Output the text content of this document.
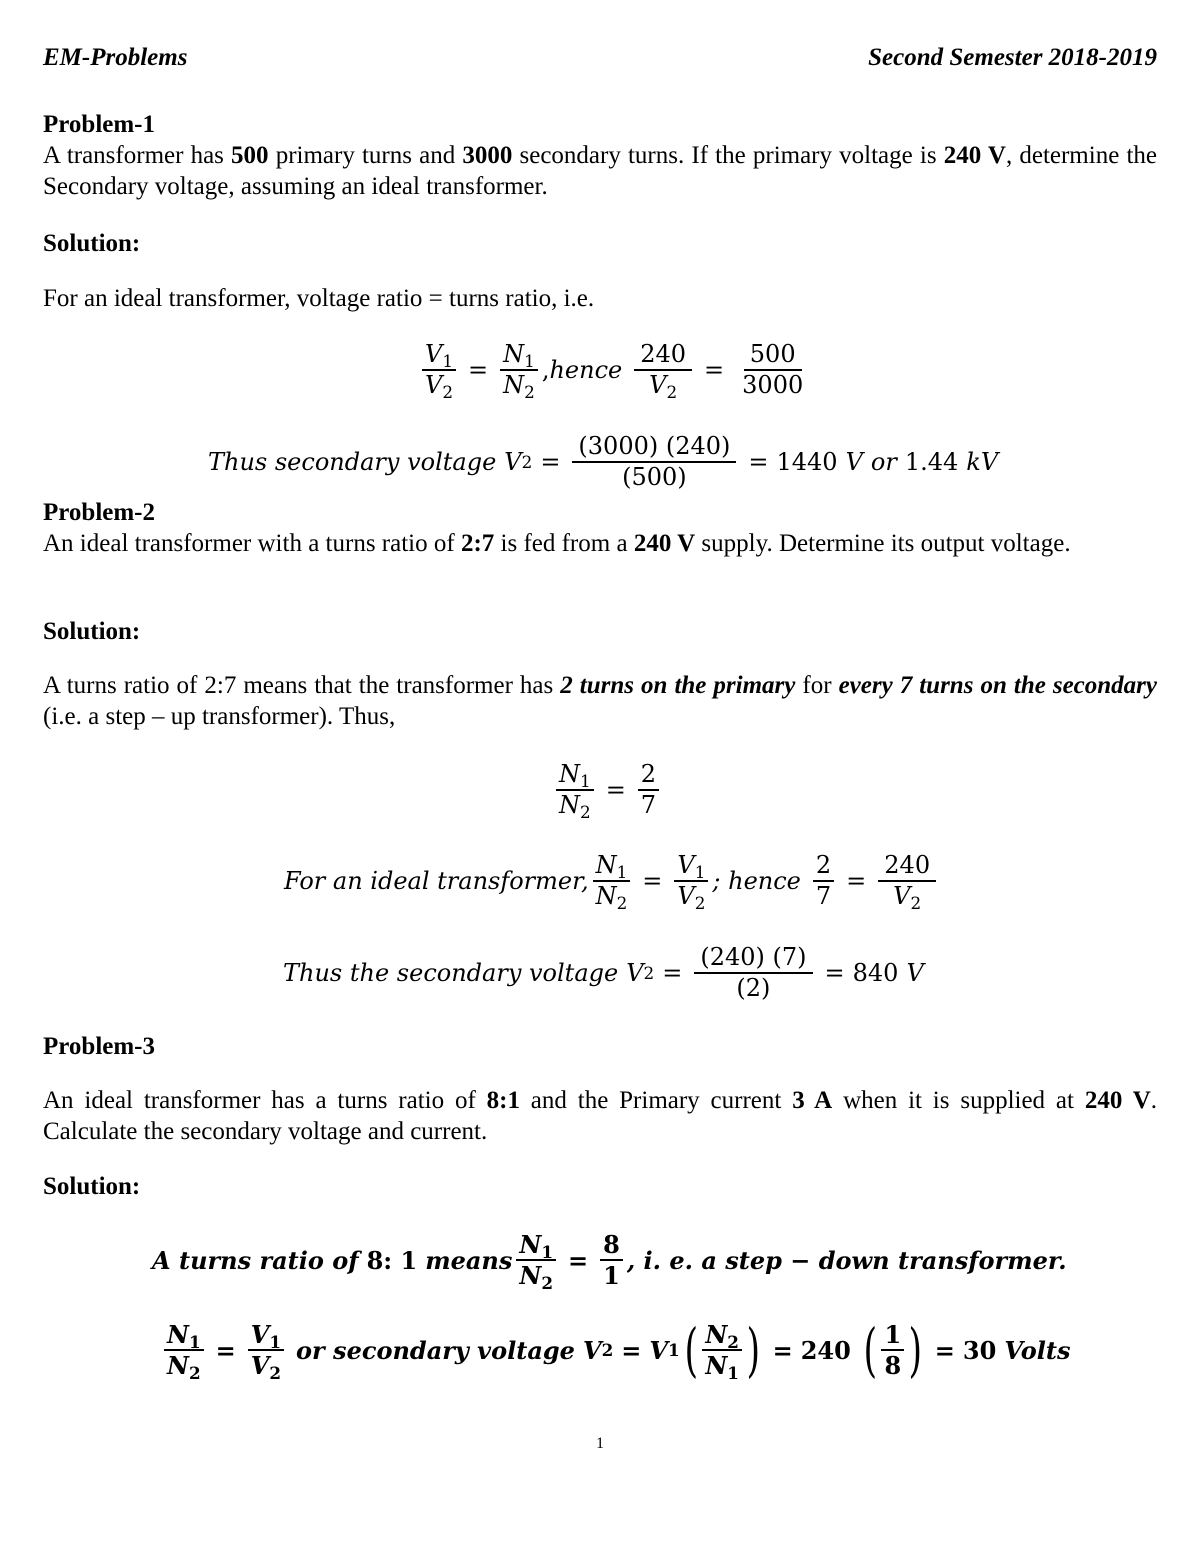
EM-Problems	Second Semester 2018-2019
Problem-1
A transformer has 500 primary turns and 3000 secondary turns. If the primary voltage is 240 V, determine the Secondary voltage, assuming an ideal transformer.
Solution:
For an ideal transformer, voltage ratio = turns ratio, i.e.
$\frac{V_1}{V_2} = \frac{N_1}{N_2}$ , hence $\frac{240}{V_2} = \frac{500}{3000}$
Thus secondary voltage V $2 = \frac{(3000) (240)}{(500)} = 1440$ V or 1.44 kV
Problem-2
An ideal transformer with a turns ratio of 2:7 is fed from a 240 V supply. Determine its output voltage.
Solution:
A turns ratio of 2:7 means that the transformer has 2 turns on the primary for every 7 turns on the secondary (i.e. a step – up transformer). Thus,
$\frac{N_1}{N_2} = \frac{2}{7}$
For an ideal transformer, $\frac{N_1}{N_2} = \frac{V_1}{V_2}$ ; hence $\frac{2}{7} = \frac{240}{V_2}$
Thus the secondary voltage V $2 = \frac{(240) (7)}{(2)} = 840$ V
Problem-3
An ideal transformer has a turns ratio of 8:1 and the Primary current 3 A when it is supplied at 240 V. Calculate the secondary voltage and current.
Solution:
A turns ratio of 8: 1 means $\frac{N_1}{N_2} = \frac{8}{1}$ , i. e. a step − down transformer.
$\frac{N_1}{N_2} = \frac{V_1}{V_2}$ or secondary voltage V 2 = V 1 ( $\frac{N_2}{N_1}$ ) = 240 ( $\frac{1}{8}$ ) = 30 Volts
1
